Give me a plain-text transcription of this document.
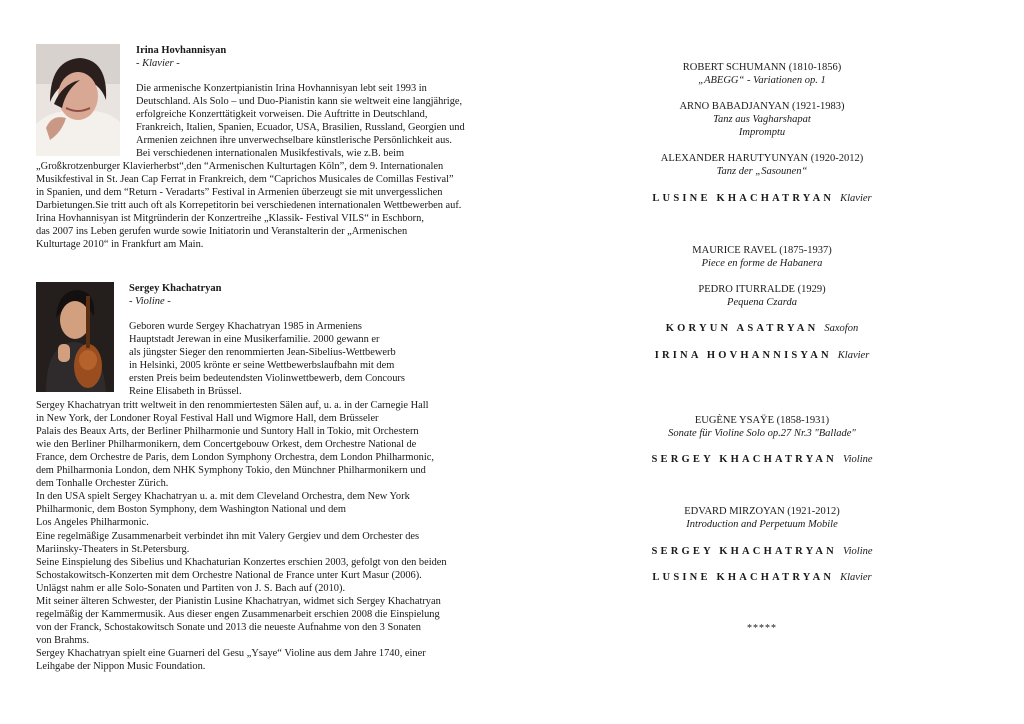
Irina Hovhannisyan
- Klavier -
Die armenische Konzertpianistin Irina Hovhannisyan lebt seit 1993 in
Deutschland. Als Solo – und Duo-Pianistin kann sie weltweit eine langjährige,
erfolgreiche Konzerttätigkeit vorweisen. Die Auftritte in Deutschland,
Frankreich, Italien, Spanien, Ecuador, USA, Brasilien, Russland, Georgien und
Armenien zeichnen ihre unverwechselbare künstlerische Persönlichkeit aus.
Bei verschiedenen internationalen Musikfestivals, wie z.B. beim
„Großkrotzenburger Klavierherbst“,den “Armenischen Kulturtagen Köln”, dem 9. Internationalen
Musikfestival in St. Jean Cap Ferrat in Frankreich, dem “Caprichos Musicales de Comillas Festival”
in Spanien, und dem “Return - Veradarts” Festival in Armenien überzeugt sie mit unvergesslichen
Darbietungen.Sie tritt auch oft als Korrepetitorin bei verschiedenen internationalen Wettbewerben auf.
Irina Hovhannisyan ist Mitgründerin der Konzertreihe „Klassik- Festival VILS“ in Eschborn,
das 2007 ins Leben gerufen wurde sowie Initiatorin und Veranstalterin der „Armenischen
Kulturtage 2010“ in Frankfurt am Main.
Sergey Khachatryan
- Violine -
Geboren wurde Sergey Khachatryan 1985 in Armeniens
Hauptstadt Jerewan in eine Musikerfamilie. 2000 gewann er
als jüngster Sieger den renommierten Jean-Sibelius-Wettbewerb
in Helsinki, 2005 krönte er seine Wettbewerbslaufbahn mit dem
ersten Preis beim bedeutendsten Violinwettbewerb, dem Concours
Reine Elisabeth in Brüssel.
Sergey Khachatryan tritt weltweit in den renommiertesten Sälen auf, u. a. in der Carnegie Hall
in New York, der Londoner Royal Festival Hall und Wigmore Hall, dem Brüsseler
Palais des Beaux Arts, der Berliner Philharmonie und Suntory Hall in Tokio, mit Orchestern
wie den Berliner Philharmonikern, dem Concertgebouw Orkest, dem Orchestre National de
France, dem Orchestre de Paris, dem London Symphony Orchestra, dem London Philharmonic,
dem Philharmonia London, dem NHK Symphony Tokio, den Münchner Philharmonikern und
dem Tonhalle Orchester Zürich.
In den USA spielt Sergey Khachatryan u. a. mit dem Cleveland Orchestra, dem New York
Philharmonic, dem Boston Symphony, dem Washington National und dem
Los Angeles Philharmonic.
Eine regelmäßige Zusammenarbeit verbindet ihn mit Valery Gergiev und dem Orchester des
Mariinsky-Theaters in St.Petersburg.
Seine Einspielung des Sibelius und Khachaturian Konzertes erschien 2003, gefolgt von den beiden
Schostakowitsch-Konzerten mit dem Orchestre National de France unter Kurt Masur (2006).
Unlägst nahm er alle Solo-Sonaten und Partiten von J. S. Bach auf (2010).
Mit seiner älteren Schwester, der Pianistin Lusine Khachatryan, widmet sich Sergey Khachatryan
regelmäßig der Kammermusik. Aus dieser engen Zusammenarbeit erschien 2008 die Einspielung
von der Franck, Schostakowitsch Sonate und 2013 die neueste Aufnahme von den 3 Sonaten
von Brahms.
Sergey Khachatryan spielt eine Guarneri del Gesu „Ysaye“ Violine aus dem Jahre 1740, einer
Leihgabe der Nippon Music Foundation.
ROBERT SCHUMANN (1810-1856)
„ABEGG“ - Variationen op. 1
ARNO BABADJANYAN (1921-1983)
Tanz aus Vagharshapat
Impromptu
ALEXANDER HARUTYUNYAN (1920-2012)
Tanz der „Sasounen“
LUSINE KHACHATRYAN Klavier
MAURICE RAVEL (1875-1937)
Piece en forme de Habanera
PEDRO ITURRALDE (1929)
Pequena Czarda
KORYUN ASATRYAN Saxofon
IRINA HOVHANNISYAN Klavier
EUGÈNE YSAŸE (1858-1931)
Sonate für Violine Solo op.27 Nr.3 "Ballade"
SERGEY KHACHATRYAN Violine
EDVARD MIRZOYAN (1921-2012)
Introduction and Perpetuum Mobile
SERGEY KHACHATRYAN Violine
LUSINE KHACHATRYAN Klavier
*****
